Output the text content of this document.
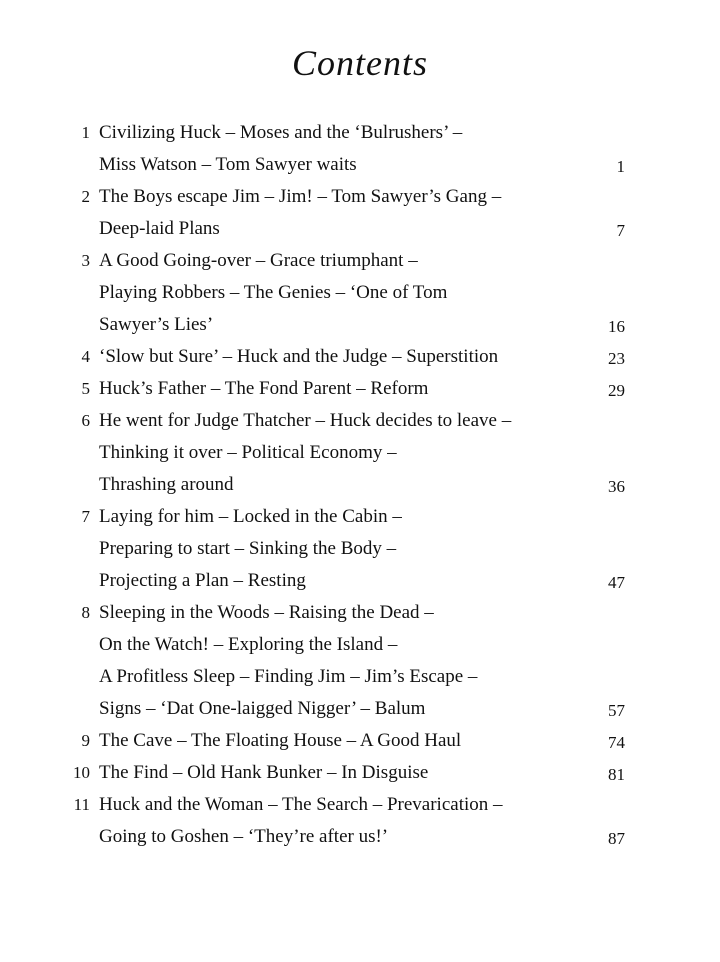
Contents
1 Civilizing Huck – Moses and the ‘Bulrushers’ –
Miss Watson – Tom Sawyer waits	1
2 The Boys escape Jim – Jim! – Tom Sawyer’s Gang –
Deep-laid Plans	7
3 A Good Going-over – Grace triumphant –
Playing Robbers – The Genies – ‘One of Tom
Sawyer’s Lies’	16
4 ‘Slow but Sure’ – Huck and the Judge – Superstition	23
5 Huck’s Father – The Fond Parent – Reform	29
6 He went for Judge Thatcher – Huck decides to leave –
Thinking it over – Political Economy –
Thrashing around	36
7 Laying for him – Locked in the Cabin –
Preparing to start – Sinking the Body –
Projecting a Plan – Resting	47
8 Sleeping in the Woods – Raising the Dead –
On the Watch! – Exploring the Island –
A Profitless Sleep – Finding Jim – Jim’s Escape –
Signs – ‘Dat One-laigged Nigger’ – Balum	57
9 The Cave – The Floating House – A Good Haul	74
10 The Find – Old Hank Bunker – In Disguise	81
11 Huck and the Woman – The Search – Prevarication –
Going to Goshen – ‘They’re after us!’	87
